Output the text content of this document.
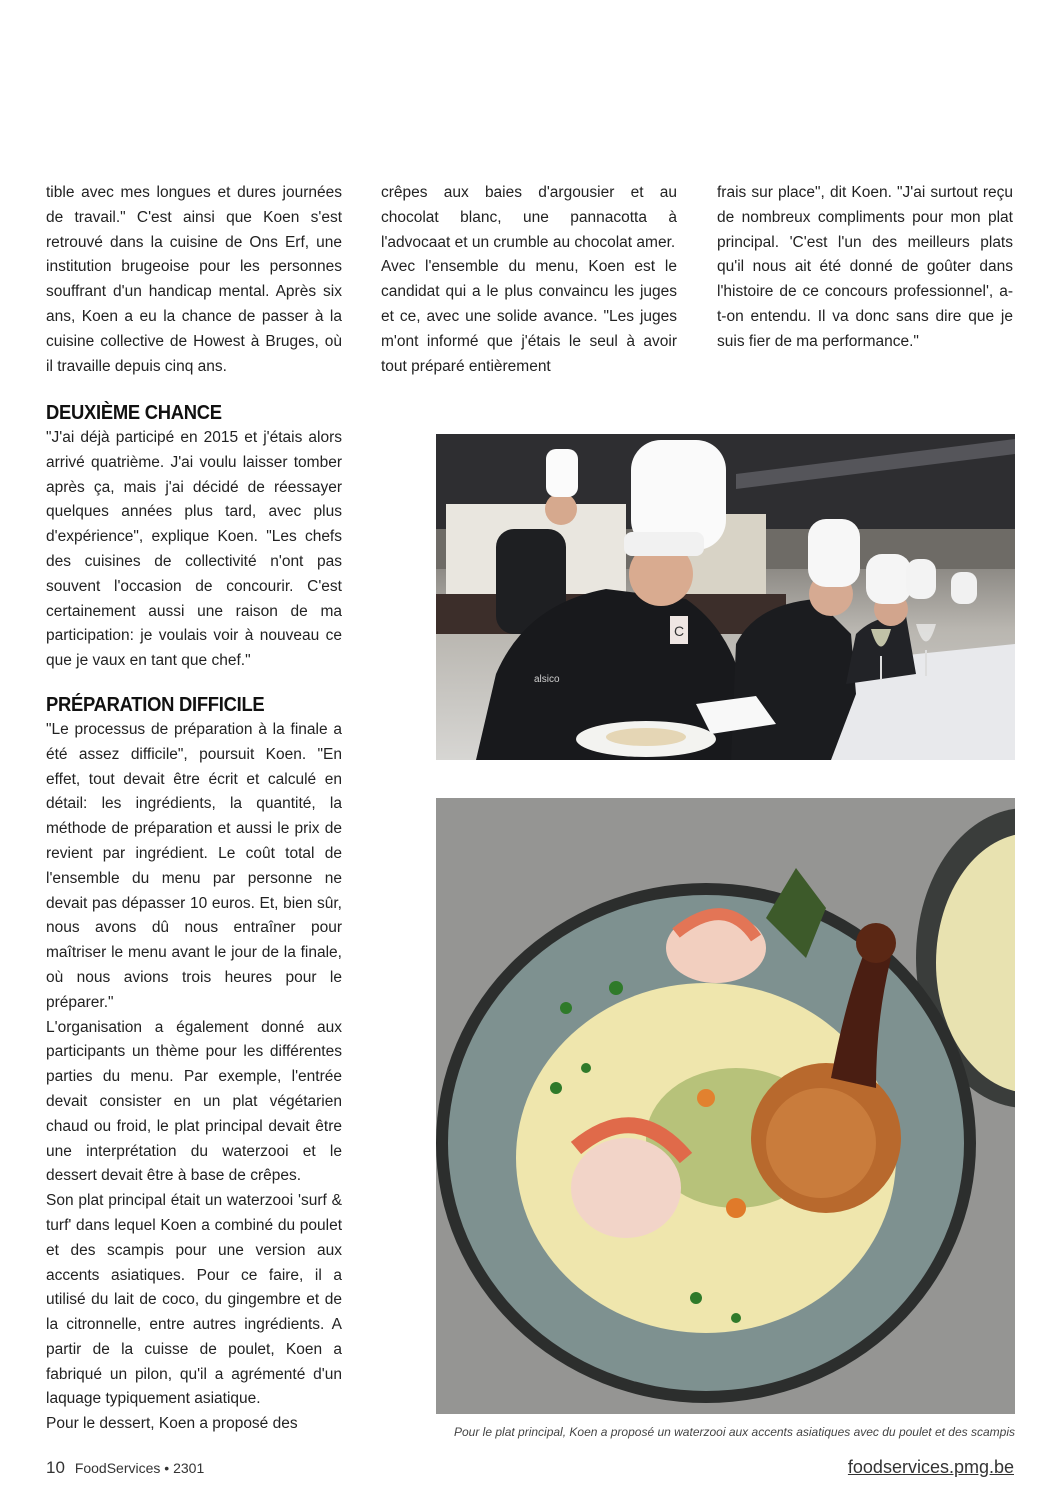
tible avec mes longues et dures journées de travail." C'est ainsi que Koen s'est retrouvé dans la cuisine de Ons Erf, une institution brugeoise pour les personnes souffrant d'un handicap mental. Après six ans, Koen a eu la chance de passer à la cuisine collective de Howest à Bruges, où il travaille depuis cinq ans.

crêpes aux baies d'argousier et au chocolat blanc, une pannacotta à l'advocaat et un crumble au chocolat amer.

Avec l'ensemble du menu, Koen est le candidat qui a le plus convaincu les juges et ce, avec une solide avance. "Les juges m'ont informé que j'étais le seul à avoir tout préparé entièrement

frais sur place", dit Koen. "J'ai surtout reçu de nombreux compliments pour mon plat principal. 'C'est l'un des meilleurs plats qu'il nous ait été donné de goûter dans l'histoire de ce concours professionnel', a-t-on entendu. Il va donc sans dire que je suis fier de ma performance."

DEUXIÈME CHANCE

"J'ai déjà participé en 2015 et j'étais alors arrivé quatrième. J'ai voulu laisser tomber après ça, mais j'ai décidé de réessayer quelques années plus tard, avec plus d'expérience", explique Koen. "Les chefs des cuisines de collectivité n'ont pas souvent l'occasion de concourir. C'est certainement aussi une raison de ma participation: je voulais voir à nouveau ce que je vaux en tant que chef."

PRÉPARATION DIFFICILE

"Le processus de préparation à la finale a été assez difficile", poursuit Koen. "En effet, tout devait être écrit et calculé en détail: les ingrédients, la quantité, la méthode de préparation et aussi le prix de revient par ingrédient. Le coût total de l'ensemble du menu par personne ne devait pas dépasser 10 euros. Et, bien sûr, nous avons dû nous entraîner pour maîtriser le menu avant le jour de la finale, où nous avions trois heures pour le préparer."

L'organisation a également donné aux participants un thème pour les différentes parties du menu. Par exemple, l'entrée devait consister en un plat végétarien chaud ou froid, le plat principal devait être une interprétation du waterzooi et le dessert devait être à base de crêpes.

Son plat principal était un waterzooi 'surf & turf' dans lequel Koen a combiné du poulet et des scampis pour une version aux accents asiatiques. Pour ce faire, il a utilisé du lait de coco, du gingembre et de la citronnelle, entre autres ingrédients. A partir de la cuisse de poulet, Koen a fabriqué un pilon, qu'il a agrémenté d'un laquage typiquement asiatique.

Pour le dessert, Koen a proposé des

C
alsico
Pour le plat principal, Koen a proposé un waterzooi aux accents asiatiques avec du poulet et des scampis
10 FoodServices • 2301	foodservices.pmg.be
